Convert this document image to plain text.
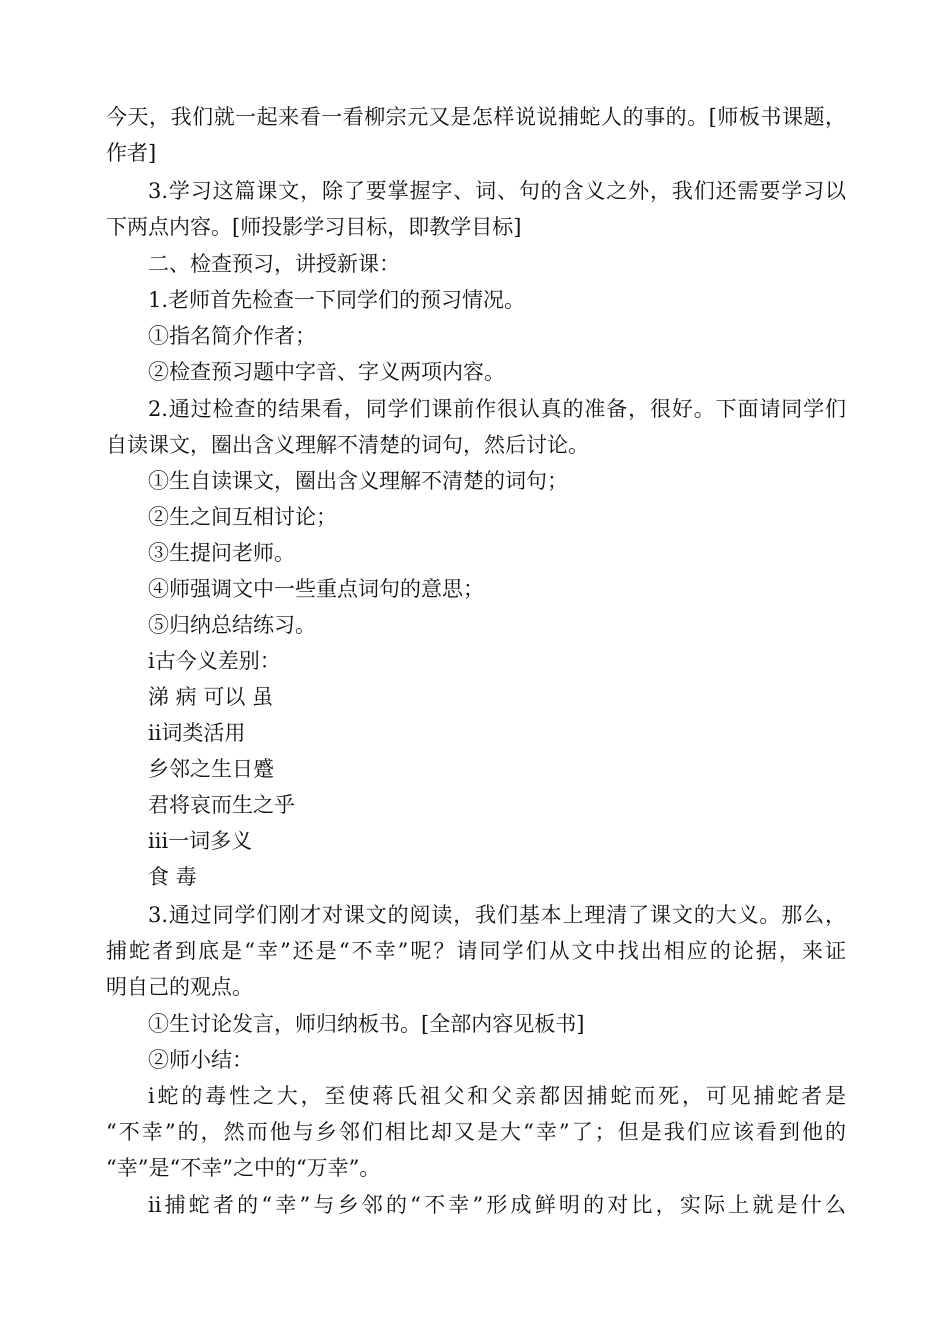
今天，我们就一起来看一看柳宗元又是怎样说说捕蛇人的事的。[师板书课题，
作者]
3.学习这篇课文，除了要掌握字、词、句的含义之外，我们还需要学习以
下两点内容。[师投影学习目标，即教学目标]

二、检查预习，讲授新课：

1.老师首先检查一下同学们的预习情况。

①指名简介作者；

②检查预习题中字音、字义两项内容。

2.通过检查的结果看，同学们课前作很认真的准备，很好。下面请同学们
自读课文，圈出含义理解不清楚的词句，然后讨论。

①生自读课文，圈出含义理解不清楚的词句；

②生之间互相讨论；

③生提问老师。

④师强调文中一些重点词句的意思；

⑤归纳总结练习。

ⅰ古今义差别：

涕 病 可以 虽

ⅱ词类活用

乡邻之生日蹙

君将哀而生之乎

ⅲ一词多义

食 毒

3.通过同学们刚才对课文的阅读，我们基本上理清了课文的大义。那么，
捕蛇者到底是“幸”还是“不幸”呢？请同学们从文中找出相应的论据，来证
明自己的观点。

①生讨论发言，师归纳板书。[全部内容见板书]

②师小结：

ⅰ蛇的毒性之大，至使蒋氏祖父和父亲都因捕蛇而死，可见捕蛇者是
“不幸”的，然而他与乡邻们相比却又是大“幸”了；但是我们应该看到他的
“幸”是“不幸”之中的“万幸”。
ⅱ捕蛇者的“幸”与乡邻的“不幸”形成鲜明的对比，实际上就是什么
